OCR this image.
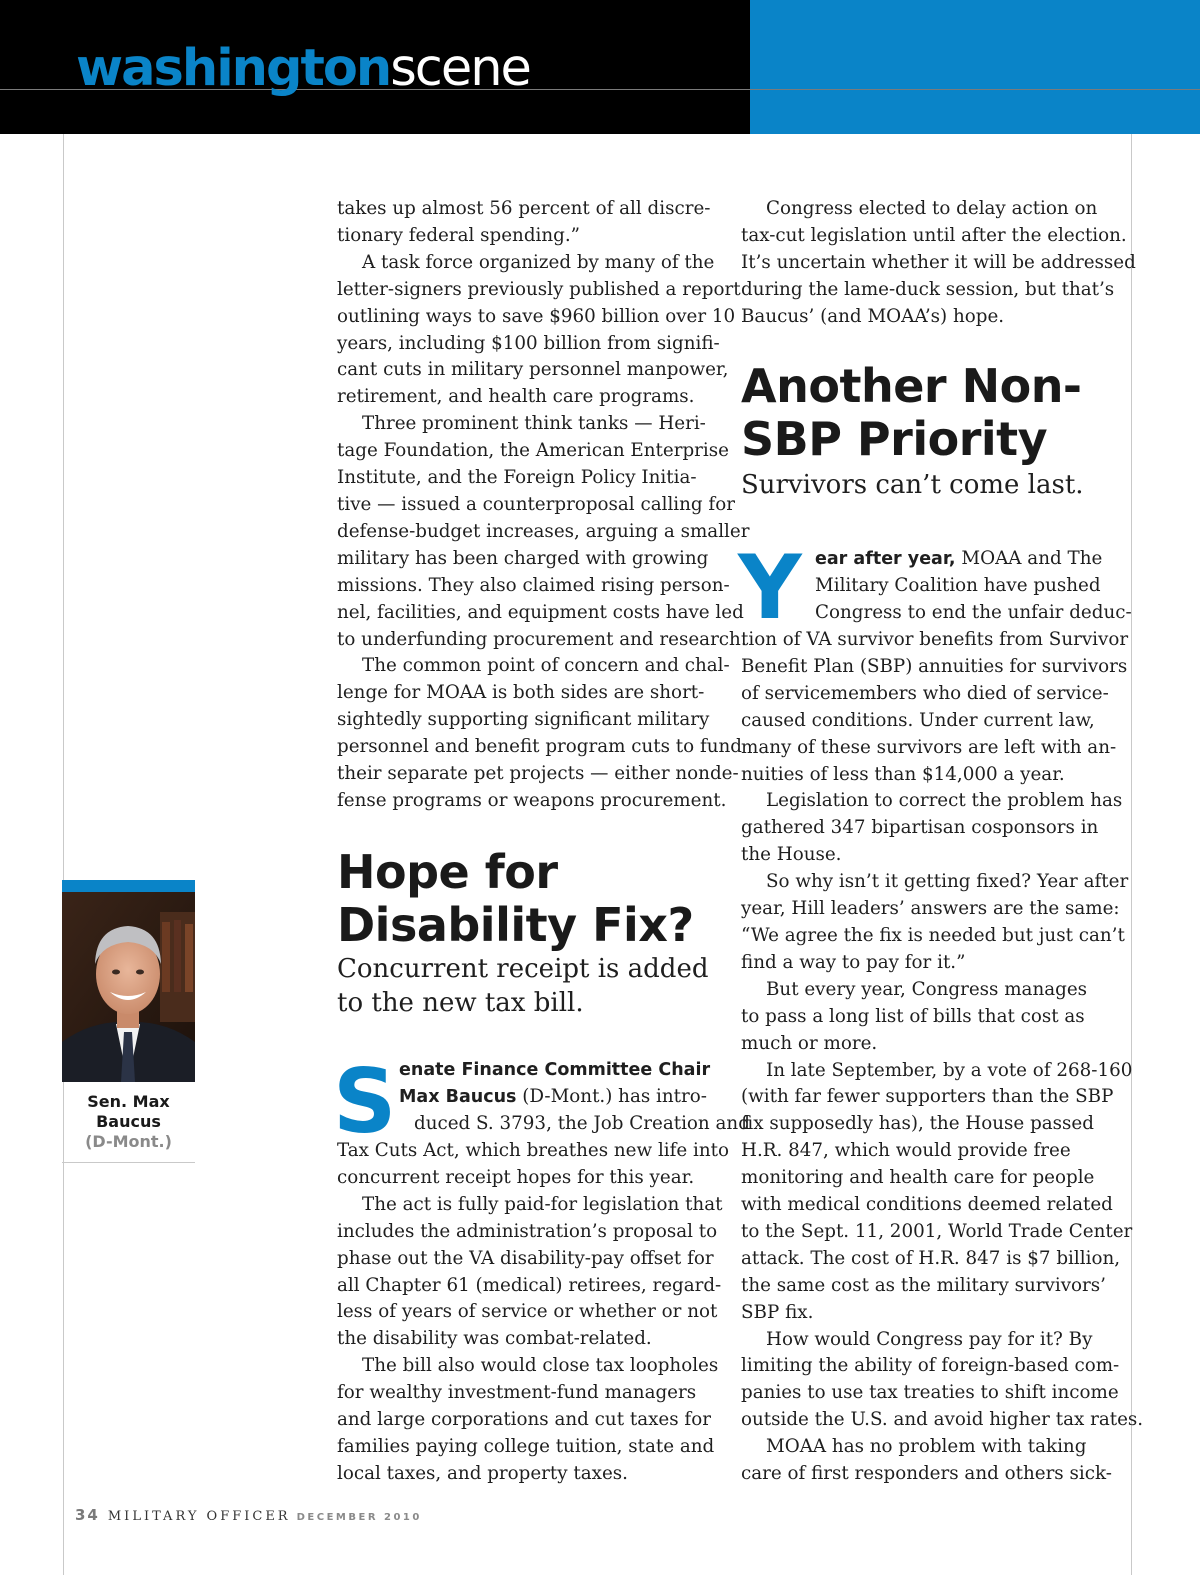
washingtonscene

takes up almost 56 percent of all discre-
tionary federal spending.”

A task force organized by many of the
letter-signers previously published a report
outlining ways to save $960 billion over 10
years, including $100 billion from signifi-
cant cuts in military personnel manpower,
retirement, and health care programs.

Three prominent think tanks — Heri-
tage Foundation, the American Enterprise
Institute, and the Foreign Policy Initia-
tive — issued a counterproposal calling for
defense-budget increases, arguing a smaller
military has been charged with growing
missions. They also claimed rising person-
nel, facilities, and equipment costs have led
to underfunding procurement and research.

The common point of concern and chal-
lenge for MOAA is both sides are short-
sightedly supporting significant military
personnel and benefit program cuts to fund
their separate pet projects — either nonde-
fense programs or weapons procurement.

Hope for
Disability Fix?
Concurrent receipt is added
to the new tax bill.
S enate Finance Committee Chair
Max Baucus (D-Mont.) has intro-
duced S. 3793, the Job Creation and

Tax Cuts Act, which breathes new life into

concurrent receipt hopes for this year.

The act is fully paid-for legislation that
includes the administration’s proposal to
phase out the VA disability-pay offset for
all Chapter 61 (medical) retirees, regard-
less of years of service or whether or not
the disability was combat-related.

The bill also would close tax loopholes
for wealthy investment-fund managers
and large corporations and cut taxes for
families paying college tuition, state and
local taxes, and property taxes.

Congress elected to delay action on
tax-cut legislation until after the election.
It’s uncertain whether it will be addressed
during the lame-duck session, but that’s
Baucus’ (and MOAA’s) hope.

Another Non-
SBP Priority
Survivors can’t come last.
Y ear after year, MOAA and The
Military Coalition have pushed
Congress to end the unfair deduc-

tion of VA survivor benefits from Survivor
Benefit Plan (SBP) annuities for survivors
of servicemembers who died of service-
caused conditions. Under current law,
many of these survivors are left with an-
nuities of less than $14,000 a year.

Legislation to correct the problem has
gathered 347 bipartisan cosponsors in
the House.

So why isn’t it getting fixed? Year after
year, Hill leaders’ answers are the same:
“We agree the fix is needed but just can’t
find a way to pay for it.”

But every year, Congress manages
to pass a long list of bills that cost as
much or more.

In late September, by a vote of 268-160
(with far fewer supporters than the SBP
fix supposedly has), the House passed
H.R. 847, which would provide free
monitoring and health care for people
with medical conditions deemed related
to the Sept. 11, 2001, World Trade Center
attack. The cost of H.R. 847 is $7 billion,
the same cost as the military survivors’
SBP fix.

How would Congress pay for it? By
limiting the ability of foreign-based com-
panies to use tax treaties to shift income
outside the U.S. and avoid higher tax rates.

MOAA has no problem with taking
care of first responders and others sick-

Sen. Max Baucus
(D-Mont.)
34 MILITARY OFFICER DECEMBER 2010
